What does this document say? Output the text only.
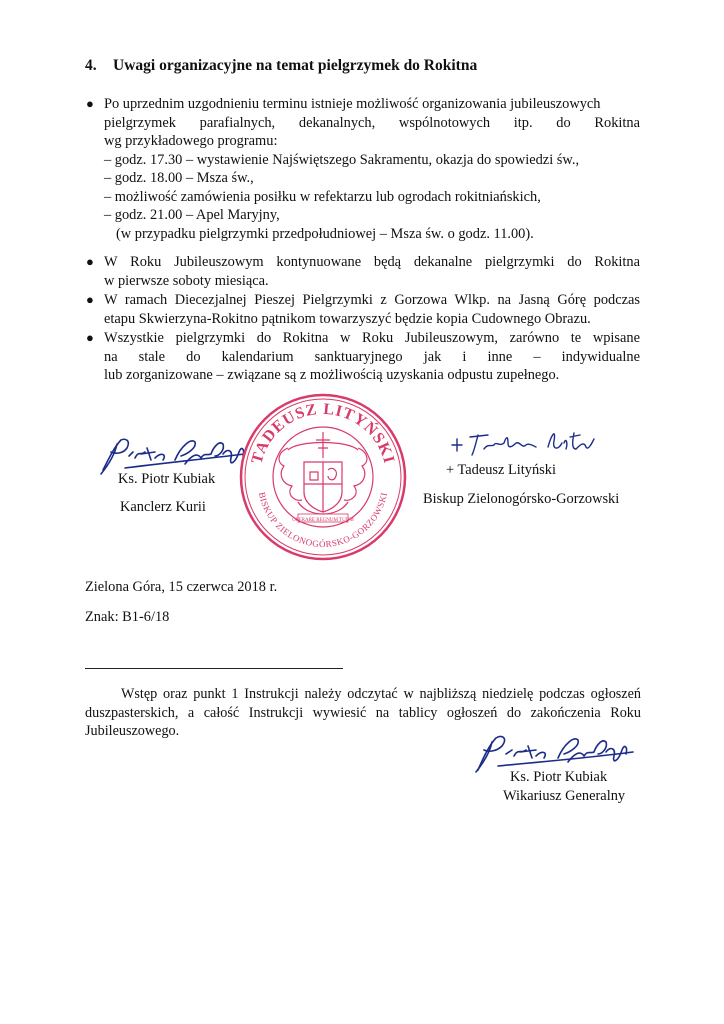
4. Uwagi organizacyjne na temat pielgrzymek do Rokitna
● Po uprzednim uzgodnieniu terminu istnieje możliwość organizowania jubileuszowych
pielgrzymek parafialnych, dekanalnych, wspólnotowych itp. do Rokitna
wg przykładowego programu:
– godz. 17.30 – wystawienie Najświętszego Sakramentu, okazja do spowiedzi św.,
– godz. 18.00 – Msza św.,
– możliwość zamówienia posiłku w refektarzu lub ogrodach rokitniańskich,
– godz. 21.00 – Apel Maryjny,
(w przypadku pielgrzymki przedpołudniowej – Msza św. o godz. 11.00).
● W Roku Jubileuszowym kontynuowane będą dekanalne pielgrzymki do Rokitna
w pierwsze soboty miesiąca.
● W ramach Diecezjalnej Pieszej Pielgrzymki z Gorzowa Wlkp. na Jasną Górę podczas
etapu Skwierzyna-Rokitno pątnikom towarzyszyć będzie kopia Cudownego Obrazu.
● Wszystkie pielgrzymki do Rokitna w Roku Jubileuszowym, zarówno te wpisane
na stale do kalendarium sanktuaryjnego jak i inne – indywidualne
lub zorganizowane – związane są z możliwością uzyskania odpustu zupełnego.
Ks. Piotr Kubiak
Kanclerz Kurii
TADEUSZ LITYŃSKI
BISKUP ZIELONOGÓRSKO-GORZOWSKI
OPERARE REGNUM TUUM
+ Tadeusz Lityński
Biskup Zielonogórsko-Gorzowski
Zielona Góra, 15 czerwca 2018 r.
Znak: B1-6/18
Wstęp oraz punkt 1 Instrukcji należy odczytać w najbliższą niedzielę podczas ogłoszeń
duszpasterskich, a całość Instrukcji wywiesić na tablicy ogłoszeń do zakończenia Roku
Jubileuszowego.
Ks. Piotr Kubiak
Wikariusz Generalny
